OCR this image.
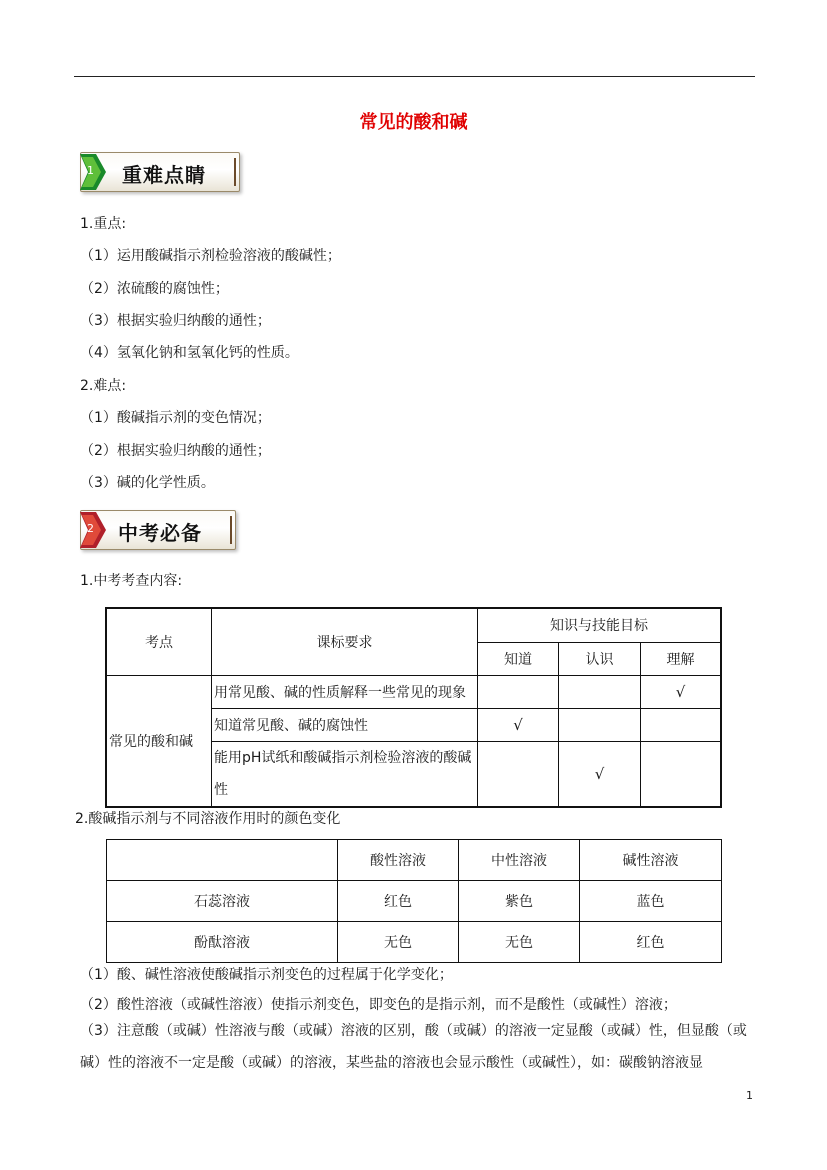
常见的酸和碱
1 重难点睛
1.重点:
（1）运用酸碱指示剂检验溶液的酸碱性；
（2）浓硫酸的腐蚀性；
（3）根据实验归纳酸的通性；
（4）氢氧化钠和氢氧化钙的性质。
2.难点:
（1）酸碱指示剂的变色情况；
（2）根据实验归纳酸的通性；
（3）碱的化学性质。
2 中考必备
1.中考考查内容:
考点	课标要求	知识与技能目标		
		知道	认识	理解
常见的酸和碱	用常见酸、碱的性质解释一些常见的现象			√
	知道常见酸、碱的腐蚀性	√		
	能用pH试纸和酸碱指示剂检验溶液的酸碱性		√	
2.酸碱指示剂与不同溶液作用时的颜色变化
	酸性溶液	中性溶液	碱性溶液
石蕊溶液	红色	紫色	蓝色
酚酞溶液	无色	无色	红色
（1）酸、碱性溶液使酸碱指示剂变色的过程属于化学变化；
（2）酸性溶液（或碱性溶液）使指示剂变色，即变色的是指示剂，而不是酸性（或碱性）溶液；
（3）注意酸（或碱）性溶液与酸（或碱）溶液的区别，酸（或碱）的溶液一定显酸（或碱）性，但显酸（或碱）性的溶液不一定是酸（或碱）的溶液，某些盐的溶液也会显示酸性（或碱性），如：碳酸钠溶液显
1
